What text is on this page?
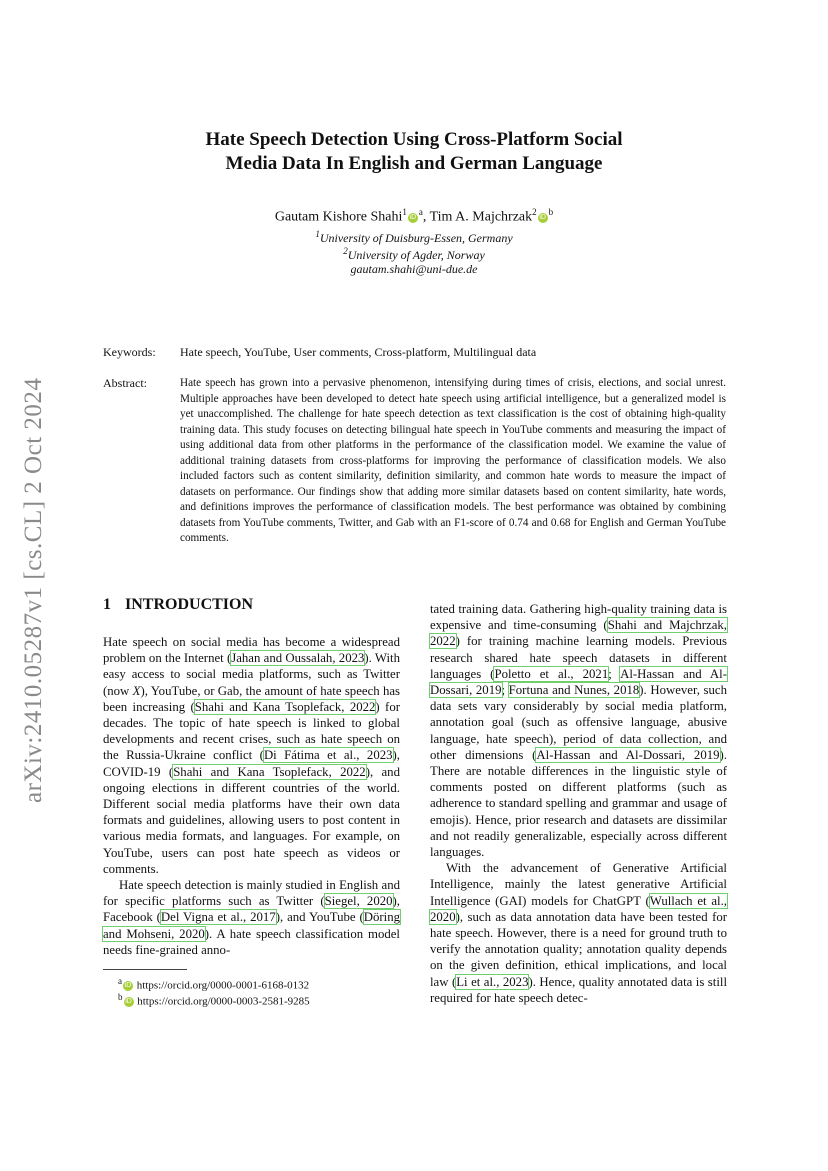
arXiv:2410.05287v1 [cs.CL] 2 Oct 2024
Hate Speech Detection Using Cross-Platform Social
Media Data In English and German Language
Gautam Kishore $Shahi^1iD^a$, Tim A. $Majchrzak^2iD^b$
$^1$University of Duisburg-Essen, Germany
$^2$University of Agder, Norway
gautam.shahi@uni-due.de
Keywords: Hate speech, YouTube, User comments, Cross-platform, Multilingual data
Abstract:	Hate speech has grown into a pervasive phenomenon, intensifying during times of crisis, elections, and social unrest. Multiple approaches have been developed to detect hate speech using artificial intelligence, but a generalized model is yet unaccomplished. The challenge for hate speech detection as text classification is the cost of obtaining high-quality training data. This study focuses on detecting bilingual hate speech in YouTube comments and measuring the impact of using additional data from other platforms in the performance of the classification model. We examine the value of additional training datasets from cross-platforms for improving the performance of classification models. We also included factors such as content similarity, definition similarity, and common hate words to measure the impact of datasets on performance. Our findings show that adding more similar datasets based on content similarity, hate words, and definitions improves the performance of classification models. The best performance was obtained by combining datasets from YouTube comments, Twitter, and Gab with an F1-score of 0.74 and 0.68 for English and German YouTube comments.
1 INTRODUCTION

Hate speech on social media has become a widespread problem on the Internet (Jahan and Oussalah, 2023). With easy access to social media platforms, such as Twitter (now X), YouTube, or Gab, the amount of hate speech has been increasing (Shahi and Kana Tsoplefack, 2022) for decades. The topic of hate speech is linked to global developments and recent crises, such as hate speech on the Russia-Ukraine conflict (Di Fátima et al., 2023), COVID-19 (Shahi and Kana Tsoplefack, 2022), and ongoing elections in different countries of the world. Different social media platforms have their own data formats and guidelines, allowing users to post content in various media formats, and languages. For example, on YouTube, users can post hate speech as videos or comments.

Hate speech detection is mainly studied in English and for specific platforms such as Twitter (Siegel, 2020), Facebook (Del Vigna et al., 2017), and YouTube (Döring and Mohseni, 2020). A hate speech classification model needs fine-grained anno-

tated training data. Gathering high-quality training data is expensive and time-consuming (Shahi and Majchrzak, 2022) for training machine learning models. Previous research shared hate speech datasets in different languages (Poletto et al., 2021; Al-Hassan and Al-Dossari, 2019; Fortuna and Nunes, 2018). However, such data sets vary considerably by social media platform, annotation goal (such as offensive language, abusive language, hate speech), period of data collection, and other dimensions (Al-Hassan and Al-Dossari, 2019). There are notable differences in the linguistic style of comments posted on different platforms (such as adherence to standard spelling and grammar and usage of emojis). Hence, prior research and datasets are dissimilar and not readily generalizable, especially across different languages.

With the advancement of Generative Artificial Intelligence, mainly the latest generative Artificial Intelligence (GAI) models for ChatGPT (Wullach et al., 2020), such as data annotation data have been tested for hate speech. However, there is a need for ground truth to verify the annotation quality; annotation quality depends on the given definition, ethical implications, and local law (Li et al., 2023). Hence, quality annotated data is still required for hate speech detec-

$^a$ iD https://orcid.org/0000-0001-6168-0132
$^b$ iD https://orcid.org/0000-0003-2581-9285
